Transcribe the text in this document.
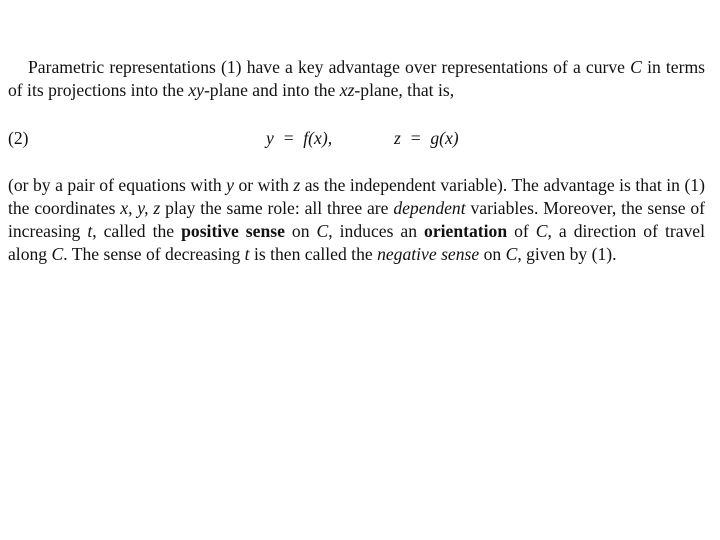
Parametric representations (1) have a key advantage over representations of a curve C in terms of its projections into the xy-plane and into the xz-plane, that is,

(2)	y  =  f(x),	z  =  g(x)

(or by a pair of equations with y or with z as the independent variable). The advantage is that in (1) the coordinates x, y, z play the same role: all three are dependent variables. Moreover, the sense of increasing t, called the positive sense on C, induces an orientation of C, a direction of travel along C. The sense of decreasing t is then called the negative sense on C, given by (1).
